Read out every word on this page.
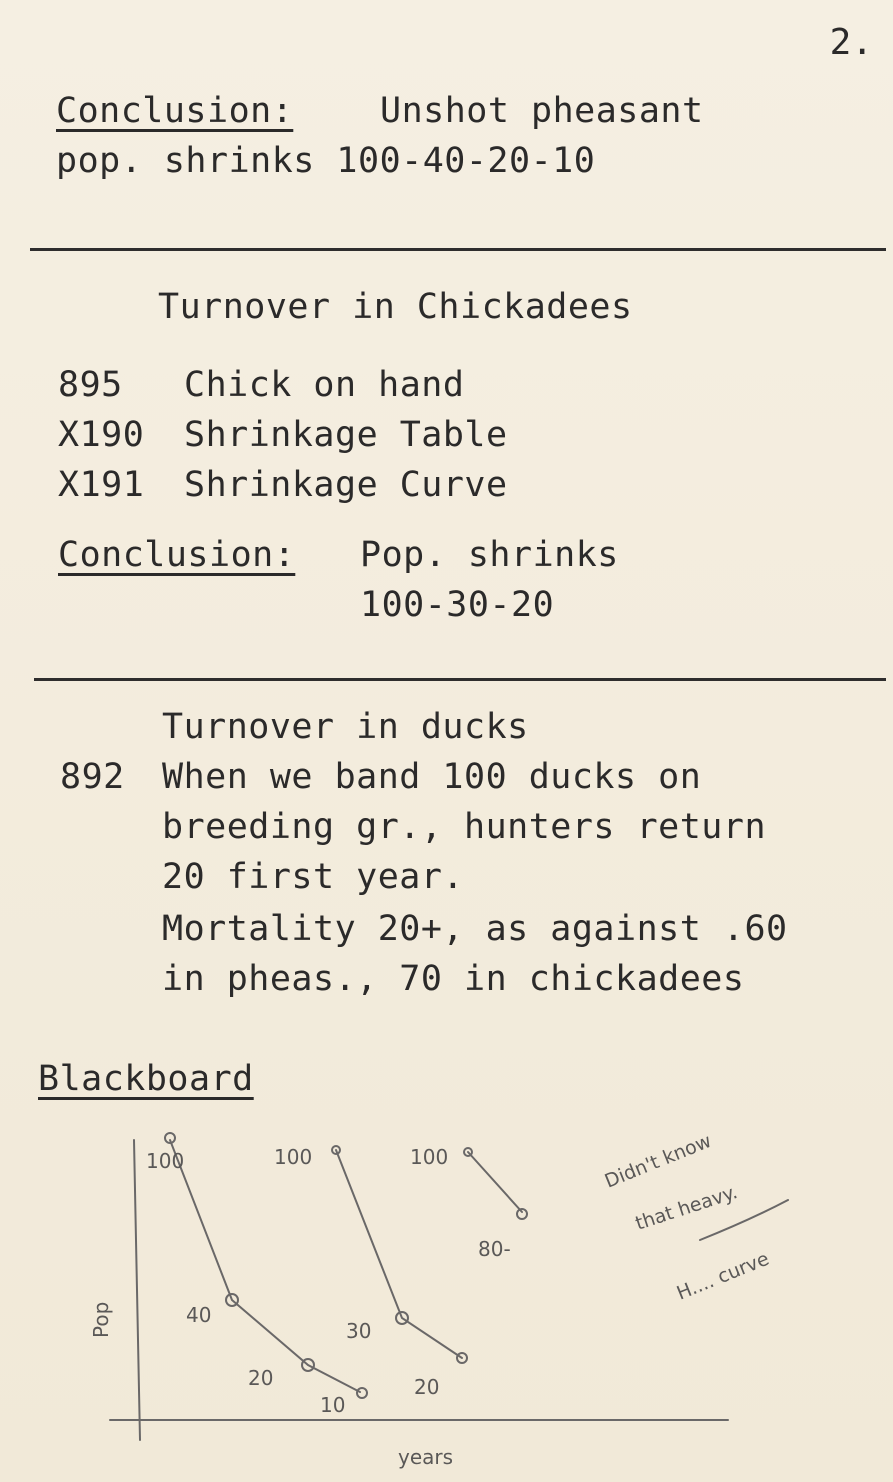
2.
Conclusion: Unshot pheasant
pop. shrinks 100-40-20-10
Turnover in Chickadees
895 Chick on hand
X190 Shrinkage Table
X191 Shrinkage Curve
Conclusion: Pop. shrinks
100-30-20
Turnover in ducks
892 When we band 100 ducks on
breeding gr., hunters return
20 first year.
Mortality 20+, as against .60
in pheas., 70 in chickadees
Blackboard
100
40
20
10
100
30
20
100
80-
Pop
years
Didn't know
that heavy.
H.... curve
